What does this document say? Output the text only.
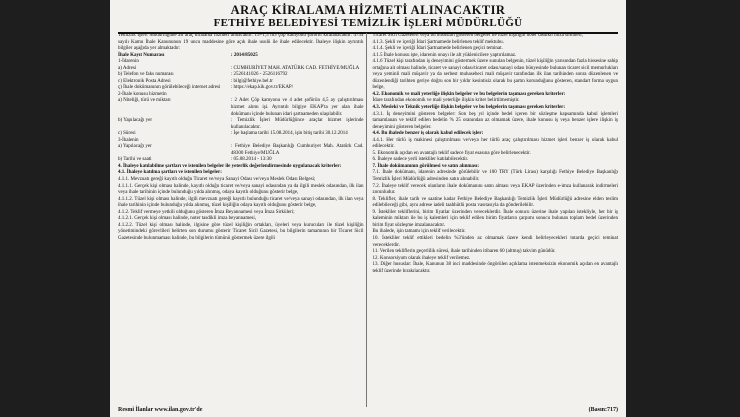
ARAÇ KİRALAMA HİZMETİ ALINACAKTIR
FETHİYE BELEDİYESİ TEMİZLİK İŞLERİ MÜDÜRLÜĞÜ
Temizlik İşleri Müdürlüğüne ait araç kiralama hizmeti alınacaktır. 15+1,5 m3 çöp kamyonu şoförlü kiralanacaktır. 4734 sayılı Kamu İhale Kanununun 19 uncu maddesine göre açık ihale usulü ile ihale edilecektir. İhaleye ilişkin ayrıntılı bilgiler aşağıda yer almaktadır:
İhale Kayıt Numarası	: 2014/85025
1-İdarenin
a) Adresi	: CUMHURİYET MAH. ATATÜRK CAD. FETHİYE/MUĞLA
b) Telefon ve faks numarası	: 2526141026 - 2526116792
c) Elektronik Posta Adresi	: bilgi@fethiye.bel.tr
ç) İhale dokümanının görülebileceği internet adresi	: https://ekap.kik.gov.tr/EKAP/
2-İhale konusu hizmetin
a) Niteliği, türü ve miktarı	: 2 Adet Çöp kamyonu ve 4 adet şoförün 4,5 ay çalıştırılması hizmet alımı işi. Ayrıntılı bilgiye EKAP'ta yer alan ihale dokümanı içinde bulunan idari şartnameden ulaşılabilir.
b) Yapılacağı yer	: Temizlik İşleri Müdürlüğünce araçlar hizmet işlerinde kullanılacaktır.
c) Süresi	: İşe başlama tarihi 15.08.2014, işin bitiş tarihi 30.12.2014
3-İhalenin
a) Yapılacağı yer	: Fethiye Belediye Başkanlığı Cumhuriyet Mah. Atatürk Cad. 48300 Fethiye/MUĞLA
b) Tarihi ve saati	: 05.08.2014 - 13:30
4. İhaleye katılabilme şartları ve istenilen belgeler ile yeterlik değerlendirmesinde uygulanacak kriterler:
4.1. İhaleye katılma şartları ve istenilen belgeler:
4.1.1. Mevzuatı gereği kayıtlı olduğu Ticaret ve/veya Sanayi Odası ve/veya Meslek Odası Belgesi;
4.1.1.1. Gerçek kişi olması halinde, kayıtlı olduğu ticaret ve/veya sanayi odasından ya da ilgili meslek odasından, ilk ilan veya ihale tarihinin içinde bulunduğu yılda alınmış, odaya kayıtlı olduğunu gösterir belge,
4.1.1.2. Tüzel kişi olması halinde, ilgili mevzuatı gereği kayıtlı bulunduğu ticaret ve/veya sanayi odasından, ilk ilan veya ihale tarihinin içinde bulunduğu yılda alınmış, tüzel kişiliğin odaya kayıtlı olduğunu gösterir belge,
4.1.2. Teklif vermeye yetkili olduğunu gösteren İmza Beyannamesi veya İmza Sirküleri;
4.1.2.1. Gerçek kişi olması halinde, noter tasdikli imza beyannamesi,
4.1.2.2. Tüzel kişi olması halinde, ilgisine göre tüzel kişiliğin ortakları, üyeleri veya kurucuları ile tüzel kişiliğin yönetimindeki görevlileri belirten son durumu gösterir Ticaret Sicil Gazetesi, bu bilgilerin tamamının bir Ticaret Sicil Gazetesinde bulunmaması halinde, bu bilgilerin tümünü göstermek üzere ilgili
Ticaret Sicil Gazeteleri veya bu hususları gösteren belgeler ile tüzel kişiliğin noter tasdikli imza sirküleri,
4.1.3. Şekli ve içeriği İdari Şartnamede belirlenen teklif mektubu.
4.1.4. Şekli ve içeriği İdari Şartnamede belirlenen geçici teminat.
4.1.5 İhale konusu işte, idarenin onayı ile alt yüklenicilere yaptırılamaz.
4.1.6 Tüzel kişi tarafından iş deneyimini göstermek üzere sunulan belgenin, tüzel kişiliğin yarısından fazla hissesine sahip ortağına ait olması halinde, ticaret ve sanayi odası/ticaret odası/sanayi odası bünyesinde bulunan ticaret sicil memurlukları veya yeminli mali müşavir ya da serbest muhasebeci mali müşavir tarafından ilk ilan tarihinden sonra düzenlenen ve düzenlendiği tarihten geriye doğru son bir yıldır kesintisiz olarak bu şartın korunduğunu gösteren, standart forma uygun belge,
4.2. Ekonomik ve mali yeterliğe ilişkin belgeler ve bu belgelerin taşıması gereken kriterler:
İdare tarafından ekonomik ve mali yeterliğe ilişkin kriter belirtilmemiştir.
4.3. Mesleki ve Teknik yeterliğe ilişkin belgeler ve bu belgelerin taşıması gereken kriterler:
4.3.1. İş deneyimini gösteren belgeler: Son beş yıl içinde bedel içeren bir sözleşme kapsamında kabul işlemleri tamamlanan ve teklif edilen bedelin % 25 oranından az olmamak üzere, ihale konusu iş veya benzer işlere ilişkin iş deneyimini gösteren belgeler.
4.4. Bu ihalede benzer iş olarak kabul edilecek işler:
4.4.1. Her türlü iş makinesi çalıştırılması ve/veya her türlü araç çalıştırılması hizmet işleri benzer iş olarak kabul edilecektir.
5. Ekonomik açıdan en avantajlı teklif sadece fiyat esasına göre belirlenecektir.
6. İhaleye sadece yerli istekliler katılabilecektir.
7. İhale dokümanının görülmesi ve satın alınması:
7.1. İhale dokümanı, idarenin adresinde görülebilir ve 100 TRY (Türk Lirası) karşılığı Fethiye Belediye Başkanlığı Temizlik İşleri Müdürlüğü adresinden satın alınabilir.
7.2. İhaleye teklif verecek olanların ihale dokümanını satın alması veya EKAP üzerinden e-imza kullanarak indirmeleri zorunludur.
8. Teklifler, ihale tarih ve saatine kadar Fethiye Belediye Başkanlığı Temizlik İşleri Müdürlüğü adresine elden teslim edilebileceği gibi, aynı adrese iadeli taahhütlü posta vasıtasıyla da gönderilebilir.
9. İstekliler tekliflerini, birim fiyatlar üzerinden vereceklerdir. İhale sonucu üzerine ihale yapılan istekliyle, her bir iş kaleminin miktarı ile bu iş kalemleri için teklif edilen birim fiyatların çarpımı sonucu bulunan toplam bedel üzerinden birim fiyat sözleşme imzalanacaktır.
Bu ihalede, işin tamamı için teklif verilecektir.
10. İstekliler teklif ettikleri bedelin %3'ünden az olmamak üzere kendi belirleyecekleri tutarda geçici teminat vereceklerdir.
11. Verilen tekliflerin geçerlilik süresi, ihale tarihinden itibaren 60 (altmış) takvim günüdür.
12. Konsorsiyum olarak ihaleye teklif verilemez.
13. Diğer hususlar: İhale, Kanunun 38 inci maddesinde öngörülen açıklama istenmeksizin ekonomik açıdan en avantajlı teklif üzerinde bırakılacaktır.
Resmi İlanlar www.ilan.gov.tr'de	(Basın:717)
